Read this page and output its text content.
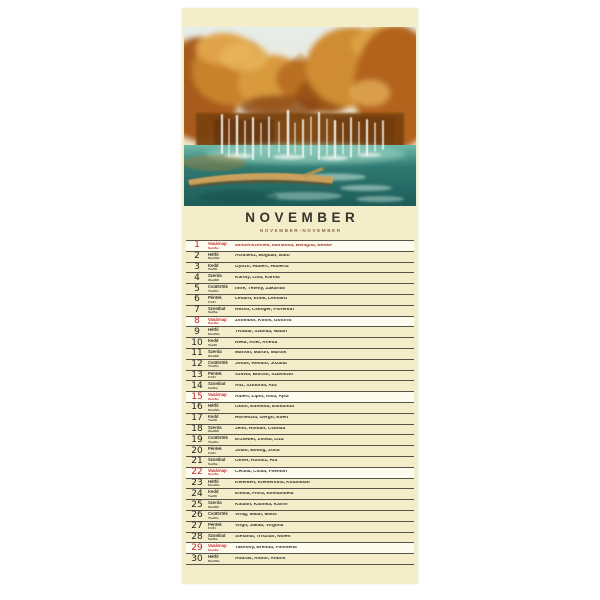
NOVEMBER
NOVEMBER-NOVEMBER
1	Vasárnap
Sun/So
Mindenszentek, Marianna, Benigna, Benke
2	Hétfő
Mon/Mo
Achillesz, Bogdán, Bató
3	Kedd
Tue/Di
Győző, Hubert, Huberta
4	Szerda
Wed/Mi
Károly, Lina, Karola
5	Csütörtök
Thu/Do
Imre, Tétény, Zakariás
6	Péntek
Fri/Fr
Lénárd, Énok, Leonárd
7	Szombat
Sat/Sa
Rezső, Csenger, Florentin
8	Vasárnap
Sun/So
Zsombor, Kolos, Gottfrid
9	Hétfő
Mon/Mo
Tivadar, Szibilla, Nátán
10	Kedd
Tue/Di
Réka, Ariel, Arietta
11	Szerda
Wed/Mi
Márton, Martin, Martos
12	Csütörtök
Thu/Do
Jónás, Renátó, Jozafát
13	Péntek
Fri/Fr
Szilvia, Bulcsú, Szaniszló
14	Szombat
Sat/Sa
Aliz, Szidónia, Alíz
15	Vasárnap
Sun/So
Albert, Lipót, Alsa, Ajsa
16	Hétfő
Mon/Mo
Ödön, Edmond, Edmunda
17	Kedd
Tue/Di
Hortenzia, Gergő, Ében
18	Szerda
Wed/Mi
Jenő, Román, Csanda
19	Csütörtök
Thu/Do
Erzsébet, Zsóka, Liza
20	Péntek
Fri/Fr
Jolán, Bódog, Zolta
21	Szombat
Sat/Sa
Olivér, Rúfusz, Ria
22	Vasárnap
Sun/So
Cecília, Csilla, Filemon
23	Hétfő
Mon/Mo
Kelemen, Klementina, Kolumbán
24	Kedd
Tue/Di
Emma, Flóra, Emmanuéla
25	Szerda
Wed/Mi
Katalin, Katinka, Katrin
26	Csütörtök
Thu/Do
Virág, Milán, Milos
27	Péntek
Fri/Fr
Virgil, Jakab, Virginia
28	Szombat
Sat/Sa
Stefánia, Trisztán, Nolen
29	Vasárnap
Sun/So
Taksony, Brenda, Filoména
30	Hétfő
Mon/Mo
András, Andor, Andris
